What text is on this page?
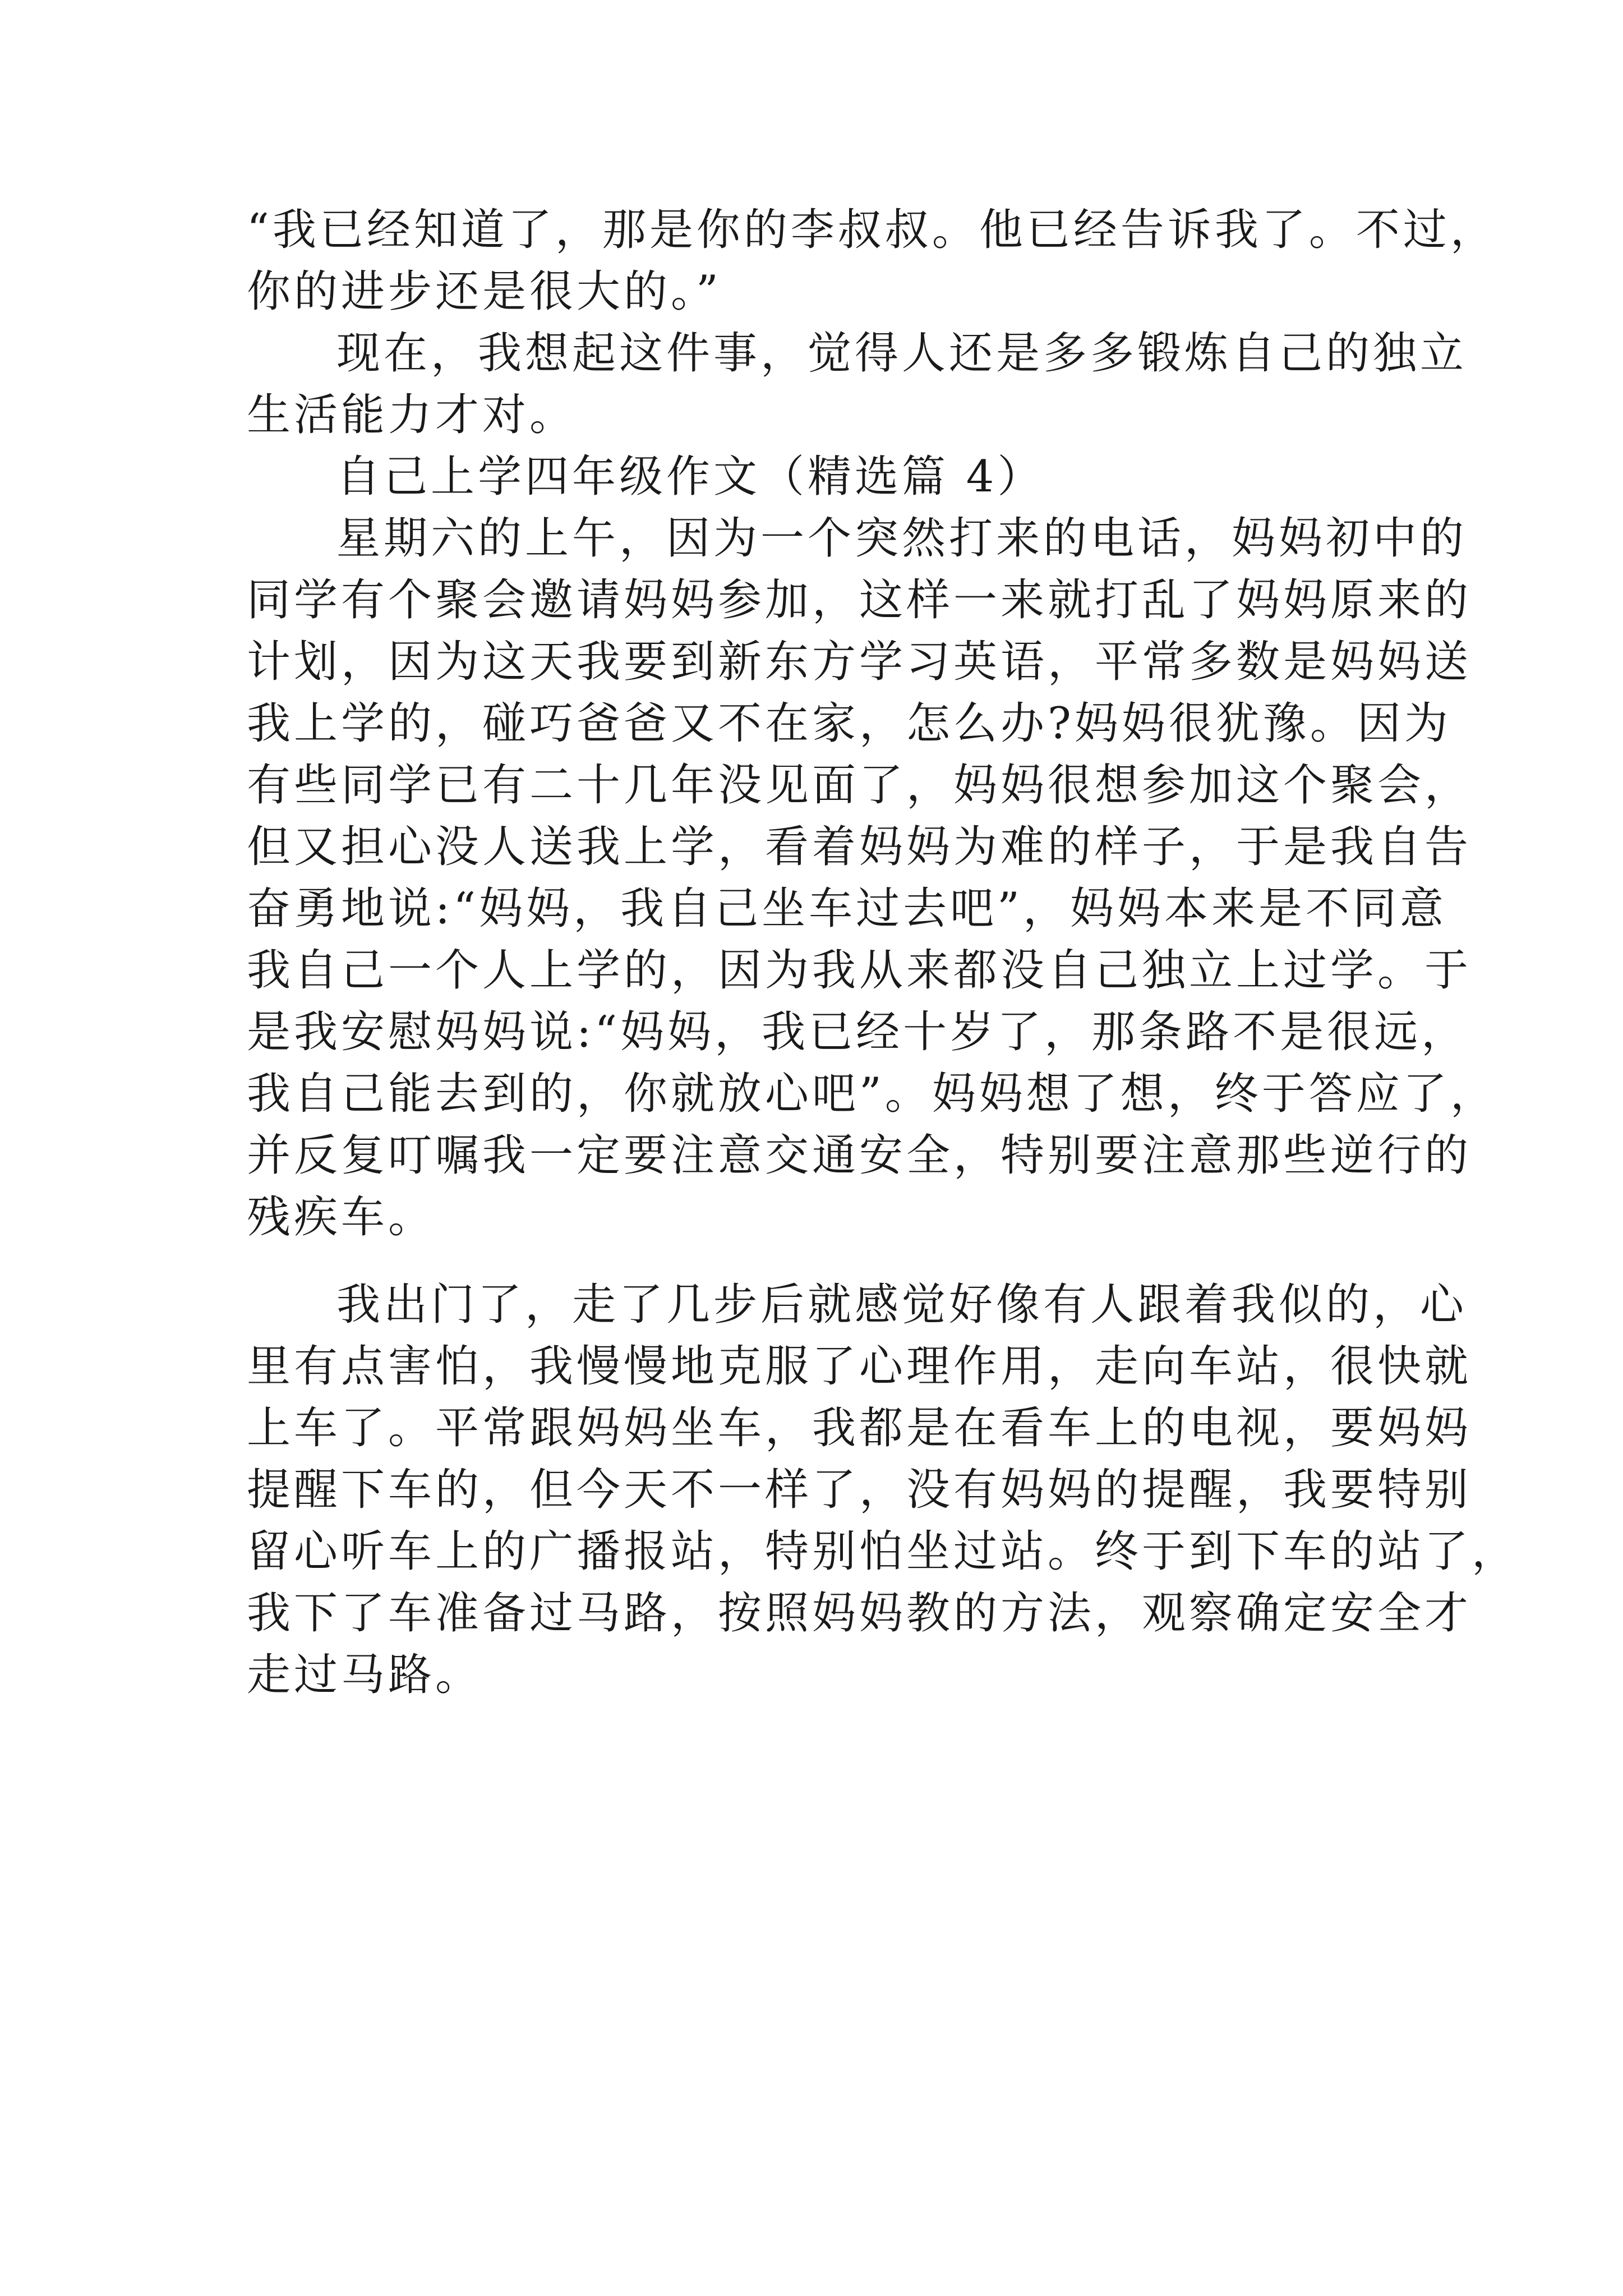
“我已经知道了，那是你的李叔叔。他已经告诉我了。不过，
你的进步还是很大的。”
现在，我想起这件事，觉得人还是多多锻炼自己的独立
生活能力才对。
自己上学四年级作文（精选篇 4）
星期六的上午，因为一个突然打来的电话，妈妈初中的
同学有个聚会邀请妈妈参加，这样一来就打乱了妈妈原来的
计划，因为这天我要到新东方学习英语，平常多数是妈妈送
我上学的，碰巧爸爸又不在家，怎么办?妈妈很犹豫。因为
有些同学已有二十几年没见面了，妈妈很想参加这个聚会，
但又担心没人送我上学，看着妈妈为难的样子，于是我自告
奋勇地说:“妈妈，我自己坐车过去吧”，妈妈本来是不同意
我自己一个人上学的，因为我从来都没自己独立上过学。于
是我安慰妈妈说:“妈妈，我已经十岁了，那条路不是很远，
我自己能去到的，你就放心吧”。妈妈想了想，终于答应了，
并反复叮嘱我一定要注意交通安全，特别要注意那些逆行的
残疾车。
我出门了，走了几步后就感觉好像有人跟着我似的，心
里有点害怕，我慢慢地克服了心理作用，走向车站，很快就
上车了。平常跟妈妈坐车，我都是在看车上的电视，要妈妈
提醒下车的，但今天不一样了，没有妈妈的提醒，我要特别
留心听车上的广播报站，特别怕坐过站。终于到下车的站了，
我下了车准备过马路，按照妈妈教的方法，观察确定安全才
走过马路。
